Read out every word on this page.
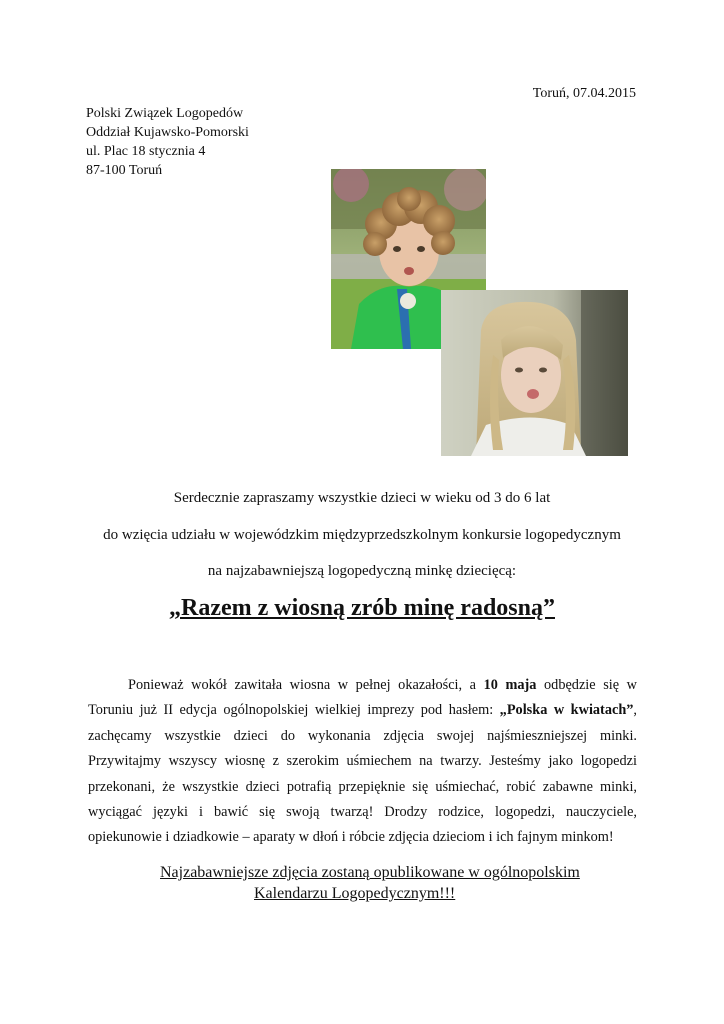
Toruń, 07.04.2015
Polski Związek Logopedów
Oddział Kujawsko-Pomorski
ul. Plac 18 stycznia 4
87-100 Toruń
Serdecznie zapraszamy wszystkie dzieci w wieku od 3 do 6 lat
do wzięcia udziału w wojewódzkim międzyprzedszkolnym konkursie logopedycznym
na najzabawniejszą logopedyczną minkę dziecięcą:
„Razem z wiosną zrób minę radosną”
Ponieważ wokół zawitała wiosna w pełnej okazałości, a 10 maja odbędzie się w Toruniu już II edycja ogólnopolskiej wielkiej imprezy pod hasłem: „Polska w kwiatach”, zachęcamy wszystkie dzieci do wykonania zdjęcia swojej najśmieszniejszej minki. Przywitajmy wszyscy wiosnę z szerokim uśmiechem na twarzy. Jesteśmy jako logopedzi przekonani, że wszystkie dzieci potrafią przepięknie się uśmiechać, robić zabawne minki, wyciągać języki i bawić się swoją twarzą! Drodzy rodzice, logopedzi, nauczyciele, opiekunowie i dziadkowie – aparaty w dłoń i róbcie zdjęcia dzieciom i ich fajnym minkom!
Najzabawniejsze zdjęcia zostaną opublikowane w ogólnopolskim
Kalendarzu Logopedycznym!!!
